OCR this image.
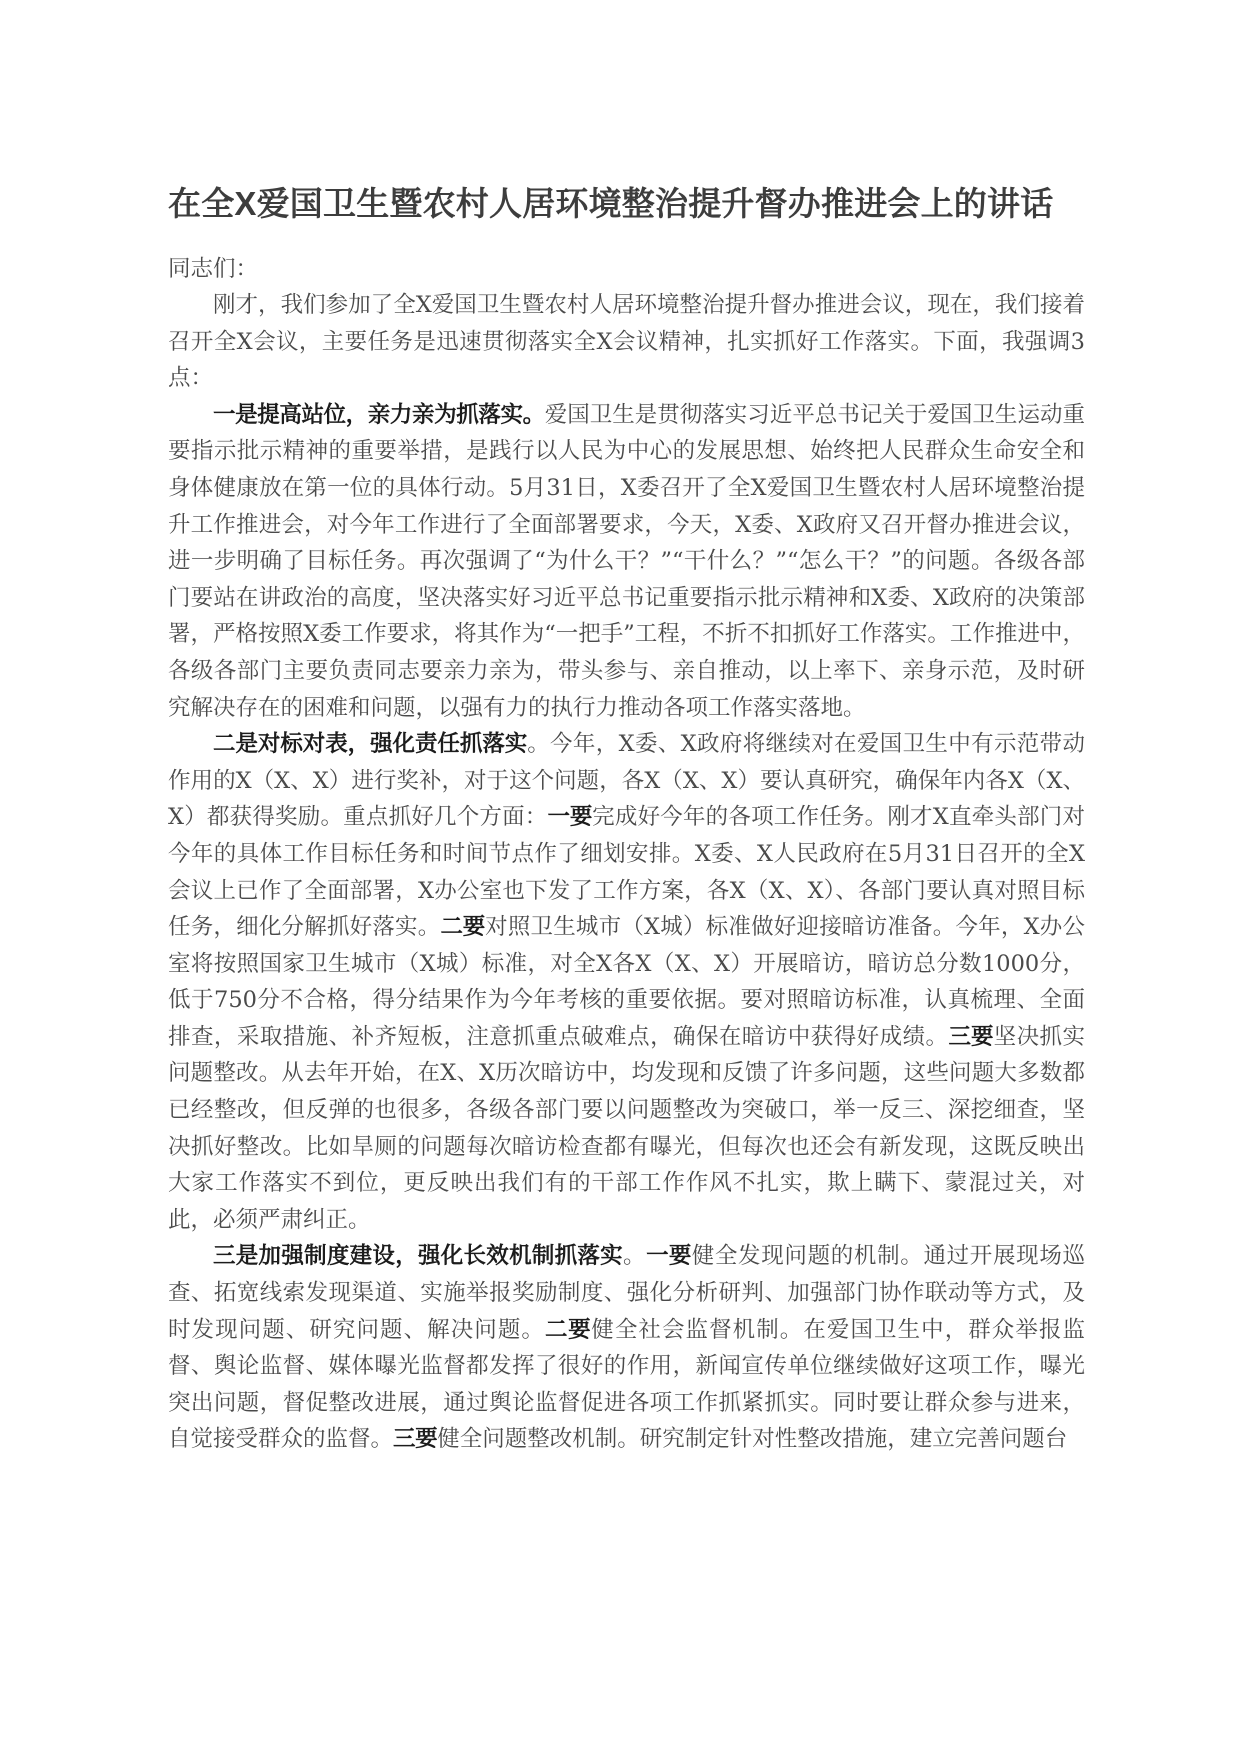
在全X爱国卫生暨农村人居环境整治提升督办推进会上的讲话

同志们：

刚才，我们参加了全X爱国卫生暨农村人居环境整治提升督办推进会议，现在，我们接着召开全X会议，主要任务是迅速贯彻落实全X会议精神，扎实抓好工作落实。下面，我强调3点：

一是提高站位，亲力亲为抓落实。爱国卫生是贯彻落实习近平总书记关于爱国卫生运动重要指示批示精神的重要举措，是践行以人民为中心的发展思想、始终把人民群众生命安全和身体健康放在第一位的具体行动。5月31日，X委召开了全X爱国卫生暨农村人居环境整治提升工作推进会，对今年工作进行了全面部署要求，今天，X委、X政府又召开督办推进会议，进一步明确了目标任务。再次强调了“为什么干？”“干什么？”“怎么干？”的问题。各级各部门要站在讲政治的高度，坚决落实好习近平总书记重要指示批示精神和X委、X政府的决策部署，严格按照X委工作要求，将其作为“一把手”工程，不折不扣抓好工作落实。工作推进中，各级各部门主要负责同志要亲力亲为，带头参与、亲自推动，以上率下、亲身示范，及时研究解决存在的困难和问题，以强有力的执行力推动各项工作落实落地。

二是对标对表，强化责任抓落实。今年，X委、X政府将继续对在爱国卫生中有示范带动作用的X（X、X）进行奖补，对于这个问题，各X（X、X）要认真研究，确保年内各X（X、X）都获得奖励。重点抓好几个方面：一要完成好今年的各项工作任务。刚才X直牵头部门对今年的具体工作目标任务和时间节点作了细划安排。X委、X人民政府在5月31日召开的全X会议上已作了全面部署，X办公室也下发了工作方案，各X（X、X）、各部门要认真对照目标任务，细化分解抓好落实。二要对照卫生城市（X城）标准做好迎接暗访准备。今年，X办公室将按照国家卫生城市（X城）标准，对全X各X（X、X）开展暗访，暗访总分数1000分，低于750分不合格，得分结果作为今年考核的重要依据。要对照暗访标准，认真梳理、全面排查，采取措施、补齐短板，注意抓重点破难点，确保在暗访中获得好成绩。三要坚决抓实问题整改。从去年开始，在X、X历次暗访中，均发现和反馈了许多问题，这些问题大多数都已经整改，但反弹的也很多，各级各部门要以问题整改为突破口，举一反三、深挖细查，坚决抓好整改。比如旱厕的问题每次暗访检查都有曝光，但每次也还会有新发现，这既反映出大家工作落实不到位，更反映出我们有的干部工作作风不扎实，欺上瞒下、蒙混过关，对此，必须严肃纠正。

三是加强制度建设，强化长效机制抓落实。一要健全发现问题的机制。通过开展现场巡查、拓宽线索发现渠道、实施举报奖励制度、强化分析研判、加强部门协作联动等方式，及时发现问题、研究问题、解决问题。二要健全社会监督机制。在爱国卫生中，群众举报监督、舆论监督、媒体曝光监督都发挥了很好的作用，新闻宣传单位继续做好这项工作，曝光突出问题，督促整改进展，通过舆论监督促进各项工作抓紧抓实。同时要让群众参与进来，自觉接受群众的监督。三要健全问题整改机制。研究制定针对性整改措施，建立完善问题台
